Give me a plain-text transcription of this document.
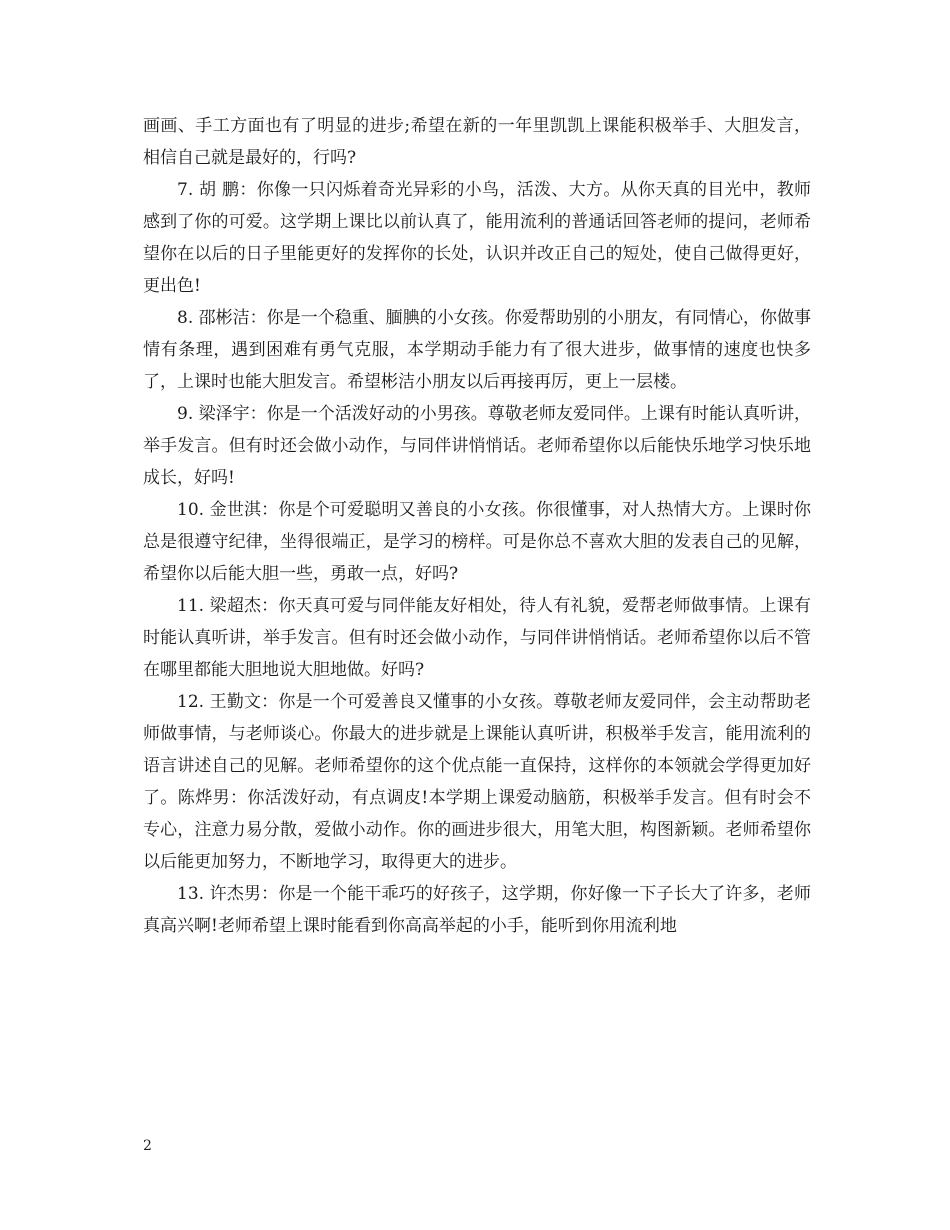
画画、手工方面也有了明显的进步;希望在新的一年里凯凯上课能积极举手、大胆发言，相信自己就是最好的，行吗?

7. 胡 鹏：你像一只闪烁着奇光异彩的小鸟，活泼、大方。从你天真的目光中，教师感到了你的可爱。这学期上课比以前认真了，能用流利的普通话回答老师的提问，老师希望你在以后的日子里能更好的发挥你的长处，认识并改正自己的短处，使自己做得更好，更出色!

8. 邵彬洁：你是一个稳重、腼腆的小女孩。你爱帮助别的小朋友，有同情心，你做事情有条理，遇到困难有勇气克服，本学期动手能力有了很大进步，做事情的速度也快多了，上课时也能大胆发言。希望彬洁小朋友以后再接再厉，更上一层楼。

9. 梁泽宇：你是一个活泼好动的小男孩。尊敬老师友爱同伴。上课有时能认真听讲，举手发言。但有时还会做小动作，与同伴讲悄悄话。老师希望你以后能快乐地学习快乐地成长，好吗!

10. 金世淇：你是个可爱聪明又善良的小女孩。你很懂事，对人热情大方。上课时你总是很遵守纪律，坐得很端正，是学习的榜样。可是你总不喜欢大胆的发表自己的见解，希望你以后能大胆一些，勇敢一点，好吗?

11. 梁超杰：你天真可爱与同伴能友好相处，待人有礼貌，爱帮老师做事情。上课有时能认真听讲，举手发言。但有时还会做小动作，与同伴讲悄悄话。老师希望你以后不管在哪里都能大胆地说大胆地做。好吗?

12. 王勤文：你是一个可爱善良又懂事的小女孩。尊敬老师友爱同伴，会主动帮助老师做事情，与老师谈心。你最大的进步就是上课能认真听讲，积极举手发言，能用流利的语言讲述自己的见解。老师希望你的这个优点能一直保持，这样你的本领就会学得更加好了。陈烨男：你活泼好动，有点调皮!本学期上课爱动脑筋，积极举手发言。但有时会不专心，注意力易分散，爱做小动作。你的画进步很大，用笔大胆，构图新颖。老师希望你以后能更加努力，不断地学习，取得更大的进步。

13. 许杰男：你是一个能干乖巧的好孩子，这学期，你好像一下子长大了许多，老师真高兴啊!老师希望上课时能看到你高高举起的小手，能听到你用流利地

2
